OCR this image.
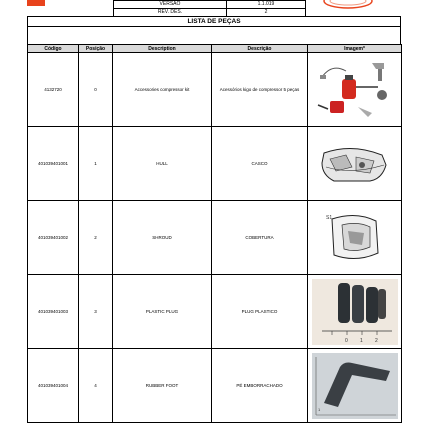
VERSÃO	1.1.019
REV. DES.	2
LISTA DE PEÇAS
Código	Posição	Description	Descrição	Imagem*
4132720	0	Accessories compressor kit	Acessórios kigo de compressor 5 peças	

401039401001	1	HULL	CASCO	

401039401002	2	SHROUD	COBERTURA	S1

401039401003	3	PLASTIC PLUG	PLUG PLASTICO	0 1 2

401039401004	4	RUBBER FOOT	PÉ EMBORRACHADO	1
